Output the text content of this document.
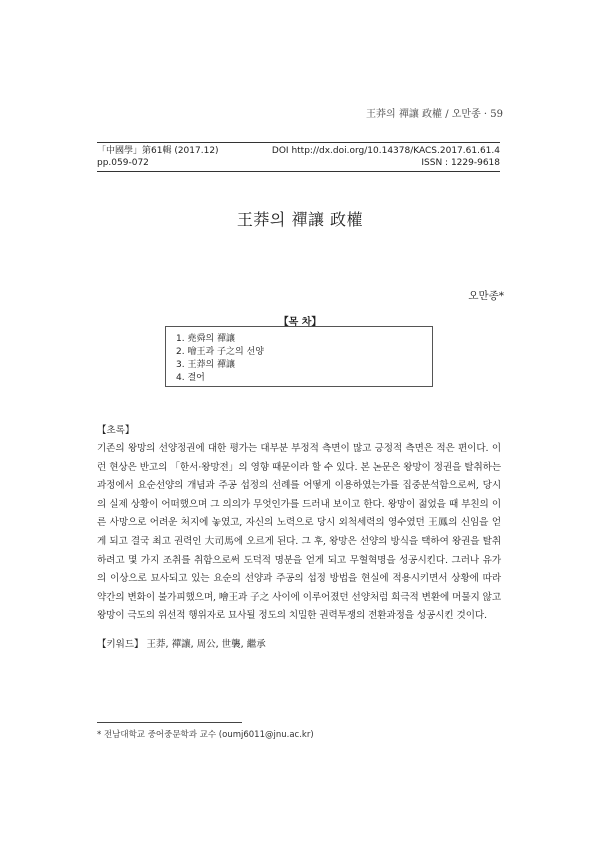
王莽의 禪讓 政權 / 오만종 · 59
「中國學」第61輯 (2017.12)	DOI http://dx.doi.org/10.14378/KACS.2017.61.61.4
pp.059-072	ISSN : 1229-9618
王莽의 禪讓 政權
오만종*
【목 차】
1. 堯舜의 禪讓
2. 噲王과 子之의 선양
3. 王莽의 禪讓
4. 결어
【초록】
기존의 왕망의 선양정권에 대한 평가는 대부분 부정적 측면이 많고 긍정적 측면은 적은 편이다. 이런 현상은 반고의 「한서·왕망전」의 영향 때문이라 할 수 있다. 본 논문은 왕망이 정권을 탈취하는 과정에서 요순선양의 개념과 주공 섭정의 선례를 어떻게 이용하였는가를 집중분석함으로써, 당시의 실제 상황이 어떠했으며 그 의의가 무엇인가를 드러내 보이고 한다. 왕망이 젊었을 때 부친의 이른 사망으로 어려운 처지에 놓였고, 자신의 노력으로 당시 외척세력의 영수였던 王鳳의 신임을 얻게 되고 결국 최고 권력인 大司馬에 오르게 된다. 그 후, 왕망은 선양의 방식을 택하여 왕권을 탈취하려고 몇 가지 조취를 취함으로써 도덕적 명분을 얻게 되고 무혈혁명을 성공시킨다. 그러나 유가의 이상으로 묘사되고 있는 요순의 선양과 주공의 섭정 방법을 현실에 적용시키면서 상황에 따라 약간의 변화이 불가피했으며, 噲王과 子之 사이에 이루어졌던 선양처럼 희극적 변환에 머물지 않고 왕망이 극도의 위선적 행위자로 묘사될 정도의 치밀한 권력투쟁의 전환과정을 성공시킨 것이다.
【키워드】 王莽, 禪讓, 周公, 世襲, 繼承
* 전남대학교 중어중문학과 교수 (oumj6011@jnu.ac.kr)
